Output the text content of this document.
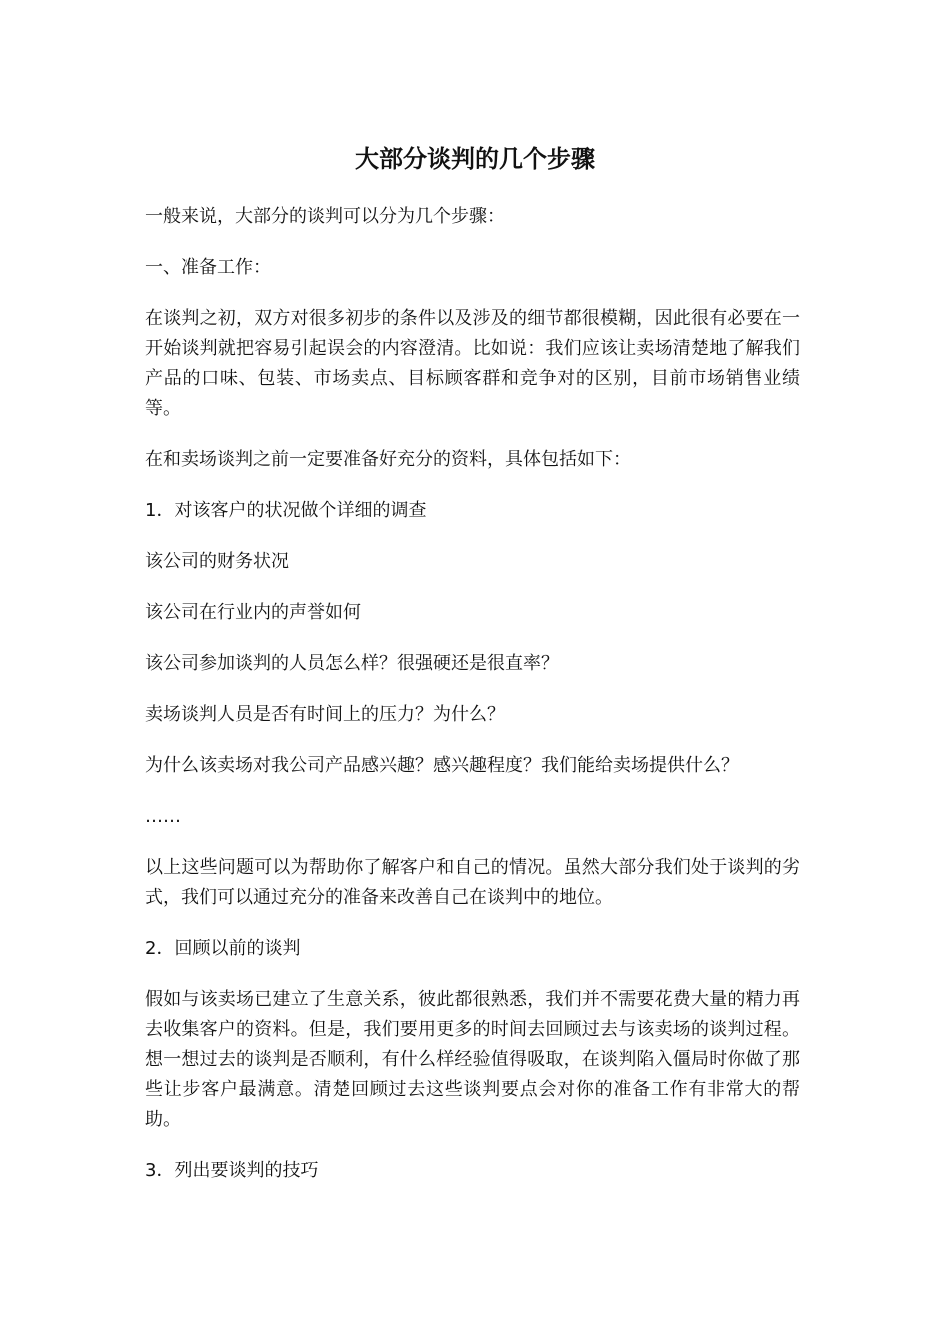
大部分谈判的几个步骤

一般来说，大部分的谈判可以分为几个步骤：

一、准备工作：

在谈判之初，双方对很多初步的条件以及涉及的细节都很模糊，因此很有必要在一开始谈判就把容易引起误会的内容澄清。比如说：我们应该让卖场清楚地了解我们产品的口味、包装、市场卖点、目标顾客群和竞争对的区别，目前市场销售业绩等。

在和卖场谈判之前一定要准备好充分的资料，具体包括如下：

1．对该客户的状况做个详细的调查

该公司的财务状况

该公司在行业内的声誉如何

该公司参加谈判的人员怎么样？很强硬还是很直率？

卖场谈判人员是否有时间上的压力？为什么？

为什么该卖场对我公司产品感兴趣？感兴趣程度？我们能给卖场提供什么？

……

以上这些问题可以为帮助你了解客户和自己的情况。虽然大部分我们处于谈判的劣式，我们可以通过充分的准备来改善自己在谈判中的地位。

2．回顾以前的谈判

假如与该卖场已建立了生意关系，彼此都很熟悉，我们并不需要花费大量的精力再去收集客户的资料。但是，我们要用更多的时间去回顾过去与该卖场的谈判过程。想一想过去的谈判是否顺利，有什么样经验值得吸取，在谈判陷入僵局时你做了那些让步客户最满意。清楚回顾过去这些谈判要点会对你的准备工作有非常大的帮助。

3．列出要谈判的技巧
